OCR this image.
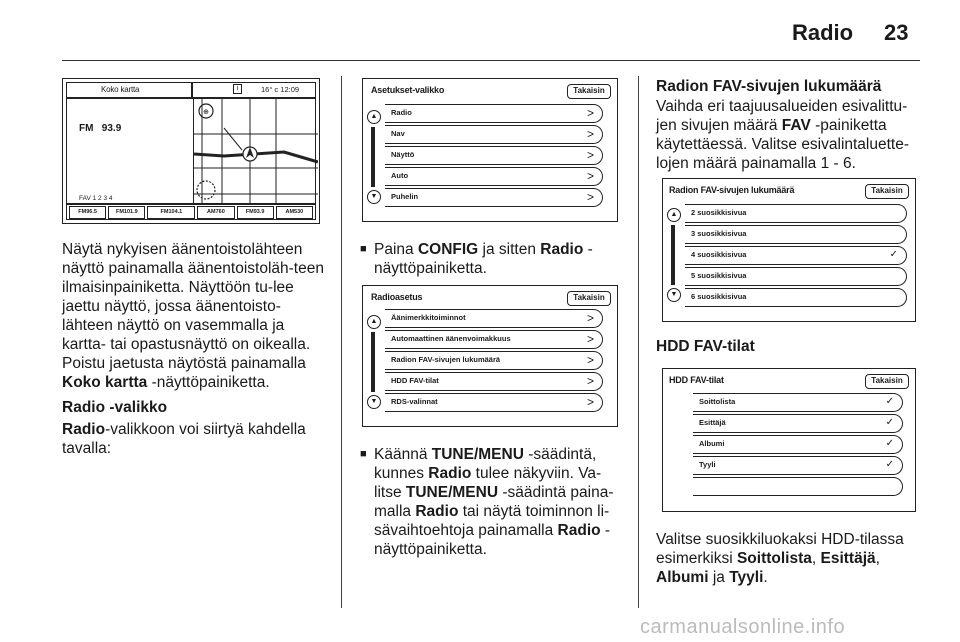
Radio 23
Koko kartta	i	16° c 12:09
FM 93.9
FAV 1 2 3 4
⊕
FM96.5	FM101.9	FM104.1	AM760	FM93.9	AM530
Näytä nykyisen äänentoistolähteen näyttö painamalla äänentoistoläh-teen ilmaisinpainiketta. Näyttöön tu-lee jaettu näyttö, jossa äänentoisto-lähteen näyttö on vasemmalla ja kartta- tai opastusnäyttö on oikealla. Poistu jaetusta näytöstä painamalla Koko kartta -näyttöpainiketta.
Radio -valikko
Radio-valikkoon voi siirtyä kahdella tavalla:
Asetukset-valikko	Takaisin
▲
▼
Radio	>
Nav	>
Näyttö	>
Auto	>
Puhelin	>
■ Paina CONFIG ja sitten Radio -näyttöpainiketta.
Radioasetus	Takaisin
▲
▼
Äänimerkkitoiminnot	>
Automaattinen äänenvoimakkuus	>
Radion FAV-sivujen lukumäärä	>
HDD FAV-tilat	>
RDS-valinnat	>
■ Käännä TUNE/MENU -säädintä, kunnes Radio tulee näkyviin. Va-litse TUNE/MENU -säädintä paina-malla Radio tai näytä toiminnon li-sävaihtoehtoja painamalla Radio -näyttöpainiketta.
Radion FAV-sivujen lukumäärä
Vaihda eri taajuusalueiden esivalittu-jen sivujen määrä FAV -painiketta käytettäessä. Valitse esivalintaluette-lojen määrä painamalla 1 - 6.
Radion FAV-sivujen lukumäärä	Takaisin
▲
▼
2 suosikkisivua
3 suosikkisivua
4 suosikkisivua	✓
5 suosikkisivua
6 suosikkisivua
HDD FAV-tilat
HDD FAV-tilat	Takaisin
Soittolista	✓
Esittäjä	✓
Albumi	✓
Tyyli	✓
Valitse suosikkiluokaksi HDD-tilassa esimerkiksi Soittolista, Esittäjä, Albumi ja Tyyli.
carmanualsonline.info
